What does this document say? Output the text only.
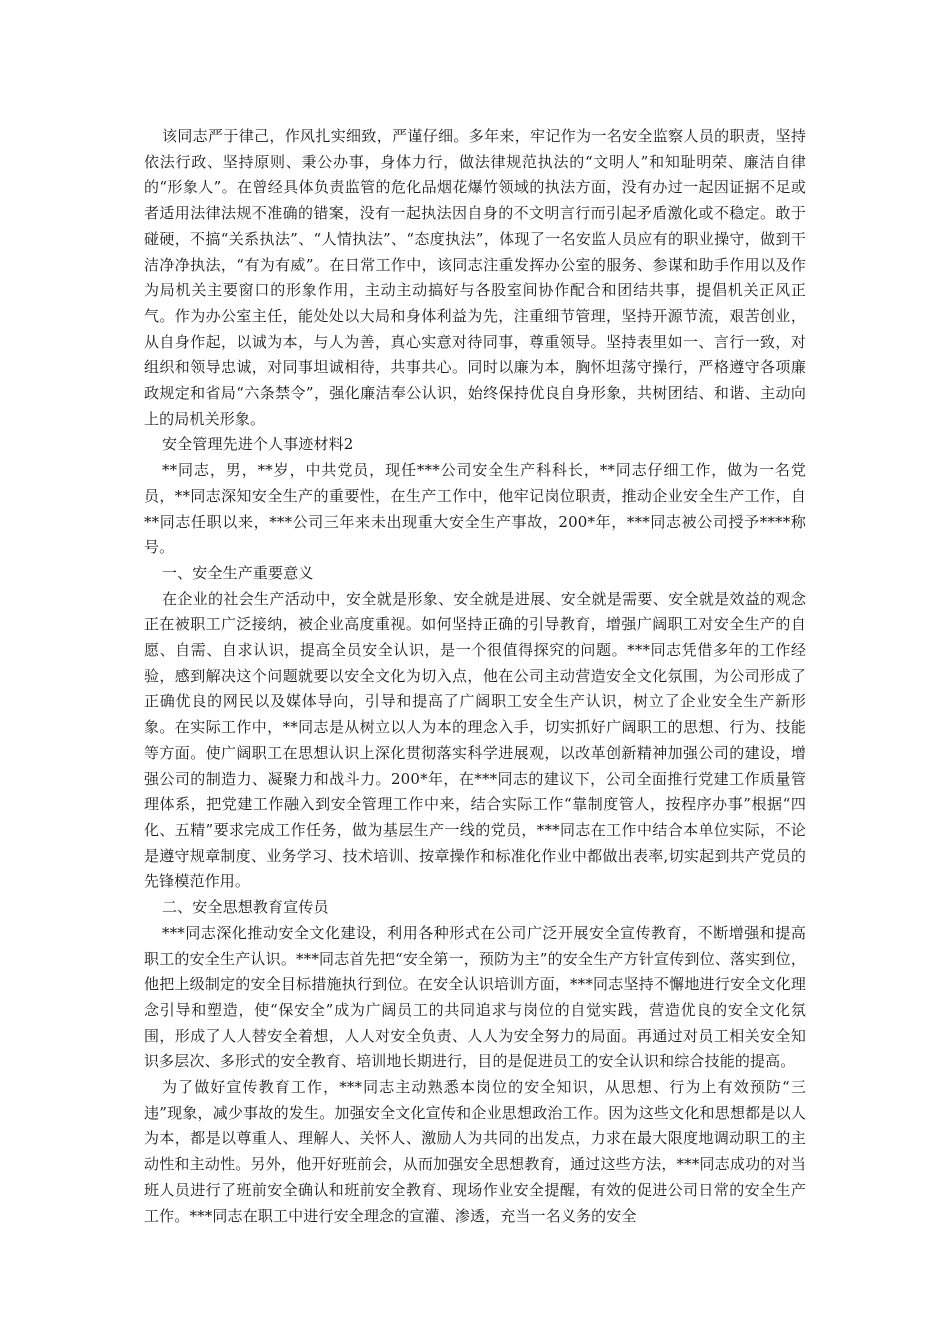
该同志严于律己，作风扎实细致，严谨仔细。多年来，牢记作为一名安全监察人员的职责，坚持依法行政、坚持原则、秉公办事，身体力行，做法律规范执法的“文明人”和知耻明荣、廉洁自律的“形象人”。在曾经具体负责监管的危化品烟花爆竹领域的执法方面，没有办过一起因证据不足或者适用法律法规不准确的错案，没有一起执法因自身的不文明言行而引起矛盾激化或不稳定。敢于碰硬，不搞“关系执法”、“人情执法”、“态度执法”，体现了一名安监人员应有的职业操守，做到干洁净净执法，“有为有威”。在日常工作中，该同志注重发挥办公室的服务、参谋和助手作用以及作为局机关主要窗口的形象作用，主动主动搞好与各股室间协作配合和团结共事，提倡机关正风正气。作为办公室主任，能处处以大局和身体利益为先，注重细节管理，坚持开源节流，艰苦创业，从自身作起，以诚为本，与人为善，真心实意对待同事，尊重领导。坚持表里如一、言行一致，对组织和领导忠诚，对同事坦诚相待，共事共心。同时以廉为本，胸怀坦荡守操行，严格遵守各项廉政规定和省局“六条禁令”，强化廉洁奉公认识，始终保持优良自身形象，共树团结、和谐、主动向上的局机关形象。

安全管理先进个人事迹材料2

**同志，男，**岁，中共党员，现任***公司安全生产科科长，**同志仔细工作，做为一名党员，**同志深知安全生产的重要性，在生产工作中，他牢记岗位职责，推动企业安全生产工作，自**同志任职以来，***公司三年来未出现重大安全生产事故，200*年，***同志被公司授予****称号。

一、安全生产重要意义

在企业的社会生产活动中，安全就是形象、安全就是进展、安全就是需要、安全就是效益的观念正在被职工广泛接纳，被企业高度重视。如何坚持正确的引导教育，增强广阔职工对安全生产的自愿、自需、自求认识，提高全员安全认识，是一个很值得探究的问题。***同志凭借多年的工作经验，感到解决这个问题就要以安全文化为切入点，他在公司主动营造安全文化氛围，为公司形成了正确优良的网民以及媒体导向，引导和提高了广阔职工安全生产认识，树立了企业安全生产新形象。在实际工作中，**同志是从树立以人为本的理念入手，切实抓好广阔职工的思想、行为、技能等方面。使广阔职工在思想认识上深化贯彻落实科学进展观，以改革创新精神加强公司的建设，增强公司的制造力、凝聚力和战斗力。200*年，在***同志的建议下，公司全面推行党建工作质量管理体系，把党建工作融入到安全管理工作中来，结合实际工作“靠制度管人，按程序办事”根据“四化、五精”要求完成工作任务，做为基层生产一线的党员，***同志在工作中结合本单位实际，不论是遵守规章制度、业务学习、技术培训、按章操作和标准化作业中都做出表率,切实起到共产党员的先锋模范作用。

二、安全思想教育宣传员

***同志深化推动安全文化建设，利用各种形式在公司广泛开展安全宣传教育，不断增强和提高职工的安全生产认识。***同志首先把“安全第一，预防为主”的安全生产方针宣传到位、落实到位，他把上级制定的安全目标措施执行到位。在安全认识培训方面，***同志坚持不懈地进行安全文化理念引导和塑造，使“保安全”成为广阔员工的共同追求与岗位的自觉实践，营造优良的安全文化氛围，形成了人人替安全着想，人人对安全负责、人人为安全努力的局面。再通过对员工相关安全知识多层次、多形式的安全教育、培训地长期进行，目的是促进员工的安全认识和综合技能的提高。

为了做好宣传教育工作，***同志主动熟悉本岗位的安全知识，从思想、行为上有效预防“三违”现象，减少事故的发生。加强安全文化宣传和企业思想政治工作。因为这些文化和思想都是以人为本，都是以尊重人、理解人、关怀人、激励人为共同的出发点，力求在最大限度地调动职工的主动性和主动性。另外，他开好班前会，从而加强安全思想教育，通过这些方法，***同志成功的对当班人员进行了班前安全确认和班前安全教育、现场作业安全提醒，有效的促进公司日常的安全生产工作。***同志在职工中进行安全理念的宣灌、渗透，充当一名义务的安全
